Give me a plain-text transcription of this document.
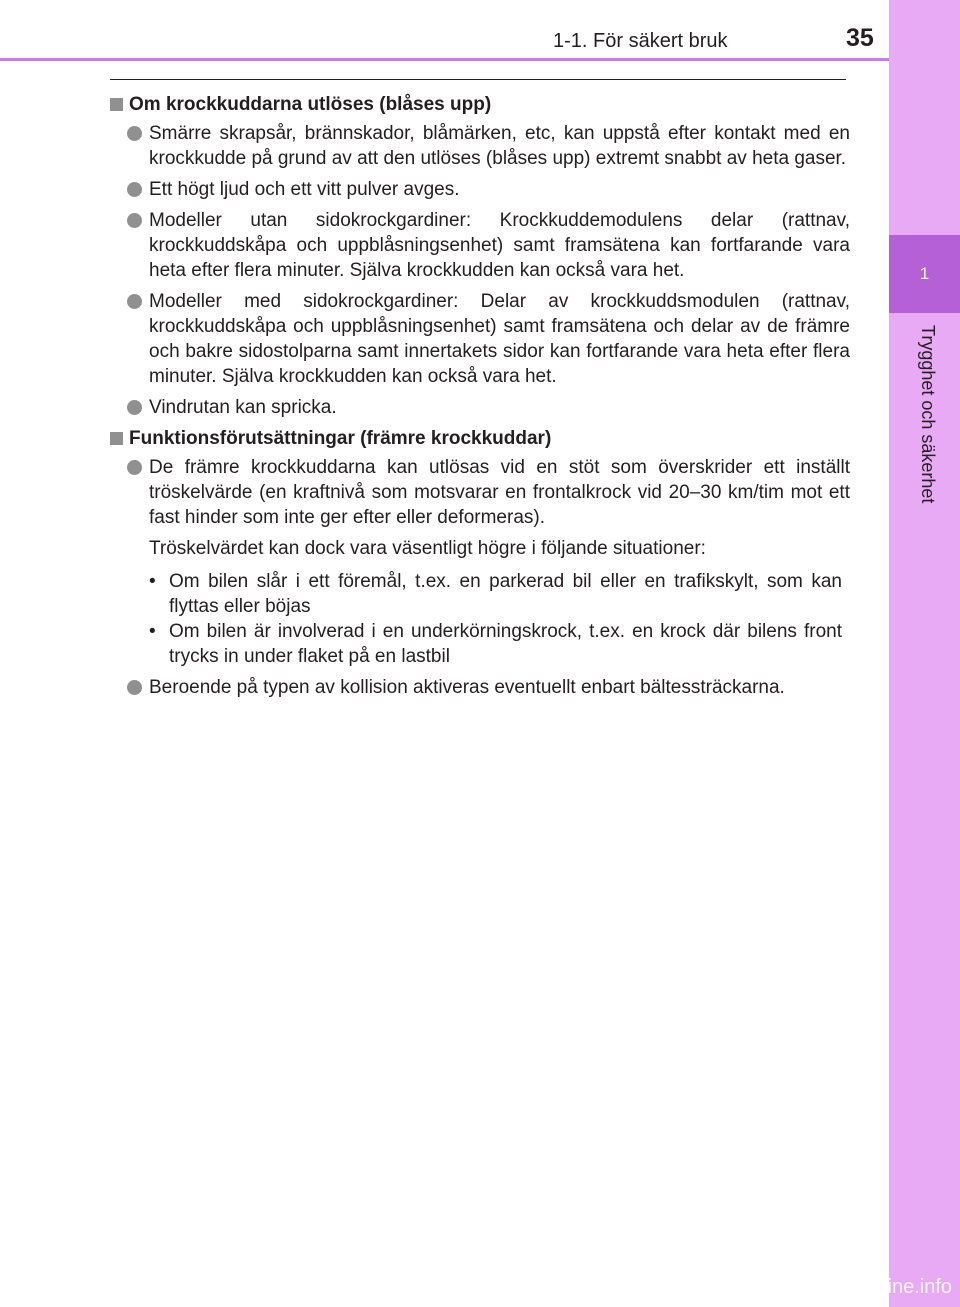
1
Trygghet och säkerhet
1-1. För säkert bruk	35
Om krockkuddarna utlöses (blåses upp)
Smärre skrapsår, brännskador, blåmärken, etc, kan uppstå efter kontakt med en krockkudde på grund av att den utlöses (blåses upp) extremt snabbt av heta gaser.
Ett högt ljud och ett vitt pulver avges.
Modeller utan sidokrockgardiner: Krockkuddemodulens delar (rattnav, krockkuddskåpa och uppblåsningsenhet) samt framsätena kan fortfarande vara heta efter flera minuter. Själva krockkudden kan också vara het.
Modeller med sidokrockgardiner: Delar av krockkuddsmodulen (rattnav, krockkuddskåpa och uppblåsningsenhet) samt framsätena och delar av de främre och bakre sidostolparna samt innertakets sidor kan fortfarande vara heta efter flera minuter. Själva krockkudden kan också vara het.
Vindrutan kan spricka.
Funktionsförutsättningar (främre krockkuddar)
De främre krockkuddarna kan utlösas vid en stöt som överskrider ett inställt tröskelvärde (en kraftnivå som motsvarar en frontalkrock vid 20–30 km/tim mot ett fast hinder som inte ger efter eller deformeras).
Tröskelvärdet kan dock vara väsentligt högre i följande situationer:
• Om bilen slår i ett föremål, t.ex. en parkerad bil eller en trafikskylt, som kan flyttas eller böjas
• Om bilen är involverad i en underkörningskrock, t.ex. en krock där bilens front trycks in under flaket på en lastbil
Beroende på typen av kollision aktiveras eventuellt enbart bältessträckarna.
carmanualsonline.info
